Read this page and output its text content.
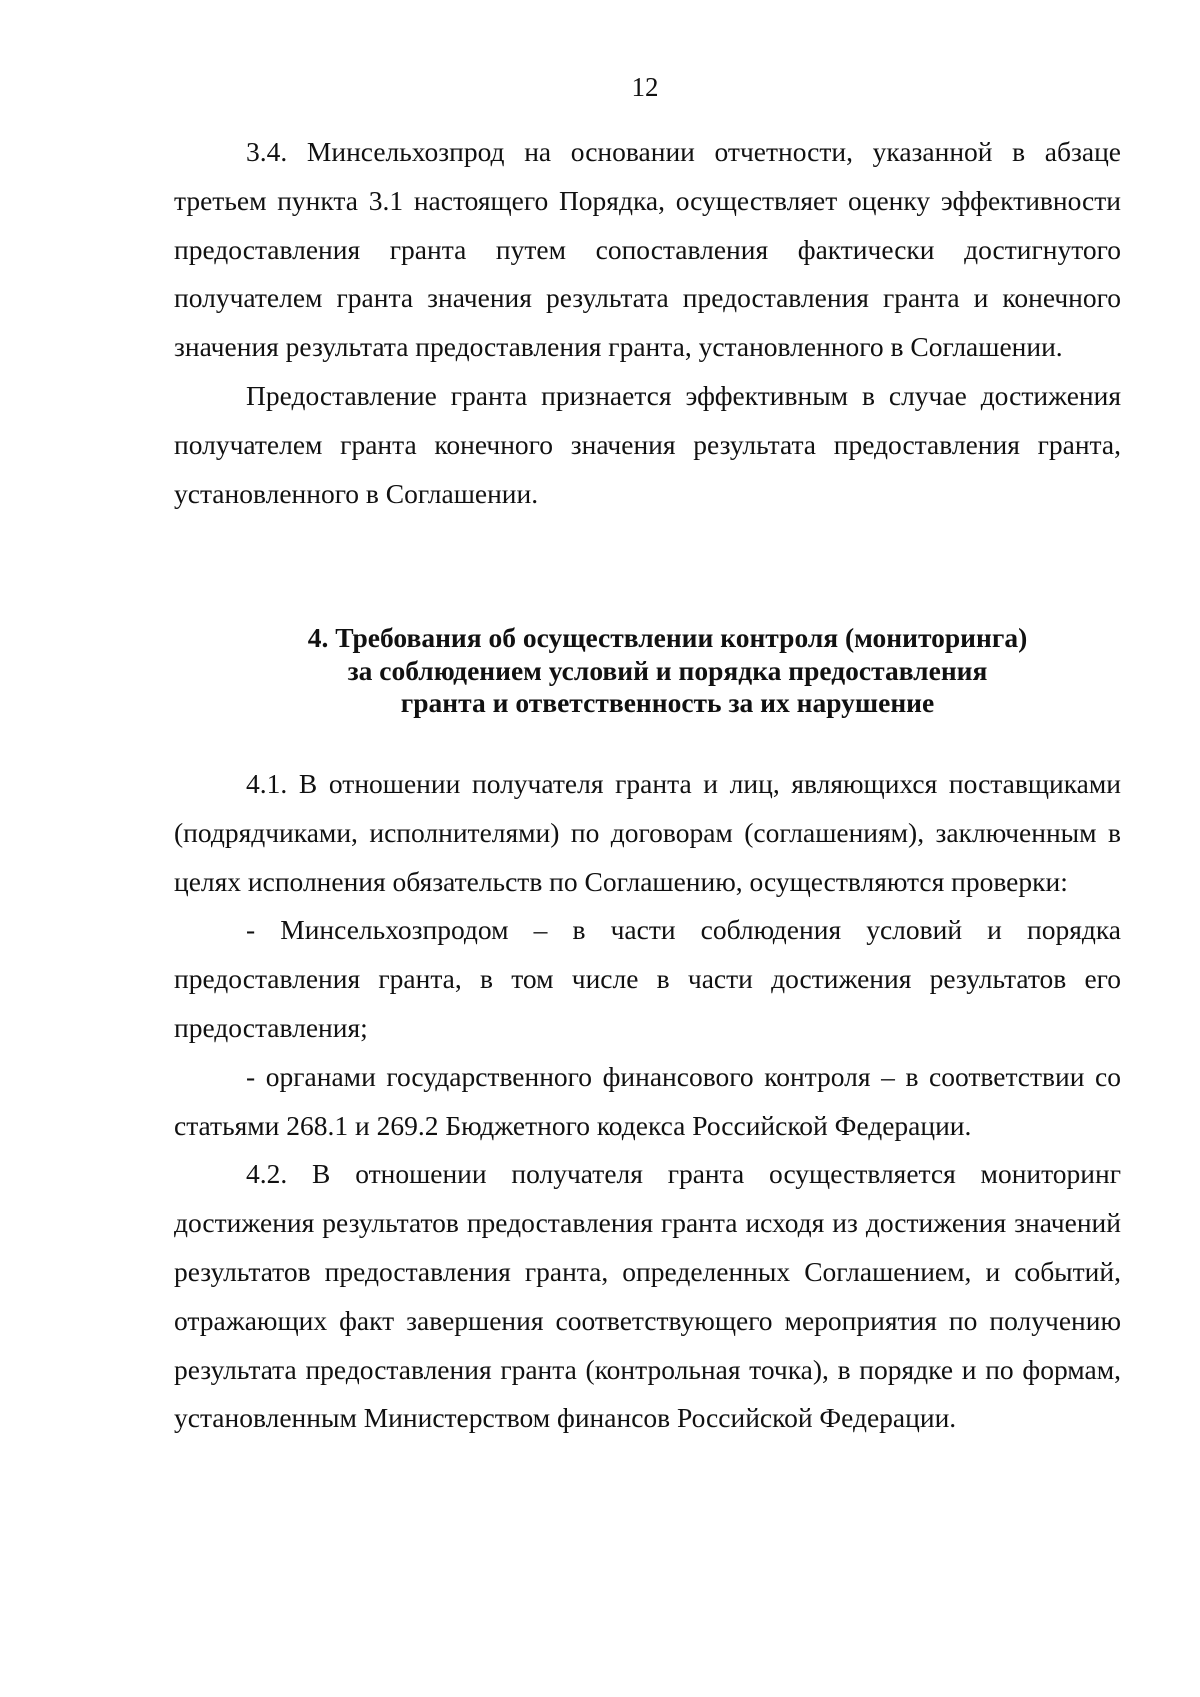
12

3.4. Минсельхозпрод на основании отчетности, указанной в абзаце третьем пункта 3.1 настоящего Порядка, осуществляет оценку эффективности предоставления гранта путем сопоставления фактически достигнутого получателем гранта значения результата предоставления гранта и конечного значения результата предоставления гранта, установленного в Соглашении.

Предоставление гранта признается эффективным в случае достижения получателем гранта конечного значения результата предоставления гранта, установленного в Соглашении.

4. Требования об осуществлении контроля (мониторинга)

за соблюдением условий и порядка предоставления

гранта и ответственность за их нарушение

4.1. В отношении получателя гранта и лиц, являющихся поставщиками (подрядчиками, исполнителями) по договорам (соглашениям), заключенным в целях исполнения обязательств по Соглашению, осуществляются проверки:

- Минсельхозпродом – в части соблюдения условий и порядка предоставления гранта, в том числе в части достижения результатов его предоставления;

- органами государственного финансового контроля – в соответствии со статьями 268.1 и 269.2 Бюджетного кодекса Российской Федерации.

4.2. В отношении получателя гранта осуществляется мониторинг достижения результатов предоставления гранта исходя из достижения значений результатов предоставления гранта, определенных Соглашением, и событий, отражающих факт завершения соответствующего мероприятия по получению результата предоставления гранта (контрольная точка), в порядке и по формам, установленным Министерством финансов Российской Федерации.
